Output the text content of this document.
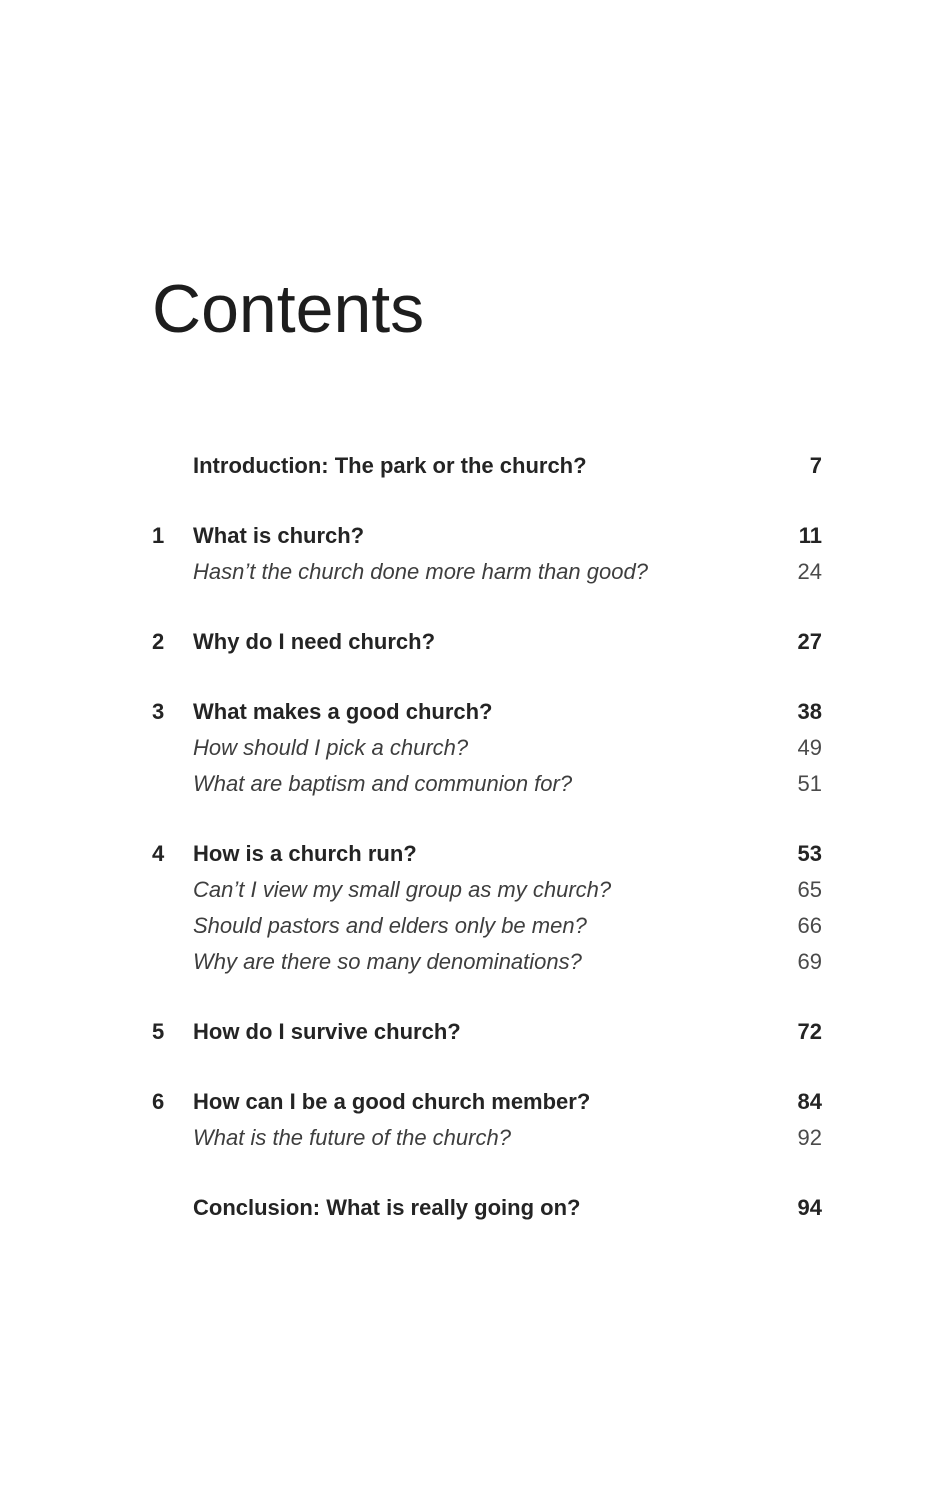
Contents
Introduction: The park or the church?	7
1	What is church?	11
Hasn’t the church done more harm than good?	24
2	Why do I need church?	27
3	What makes a good church?	38
How should I pick a church?	49
What are baptism and communion for?	51
4	How is a church run?	53
Can’t I view my small group as my church?	65
Should pastors and elders only be men?	66
Why are there so many denominations?	69
5	How do I survive church?	72
6	How can I be a good church member?	84
What is the future of the church?	92
Conclusion: What is really going on?	94
